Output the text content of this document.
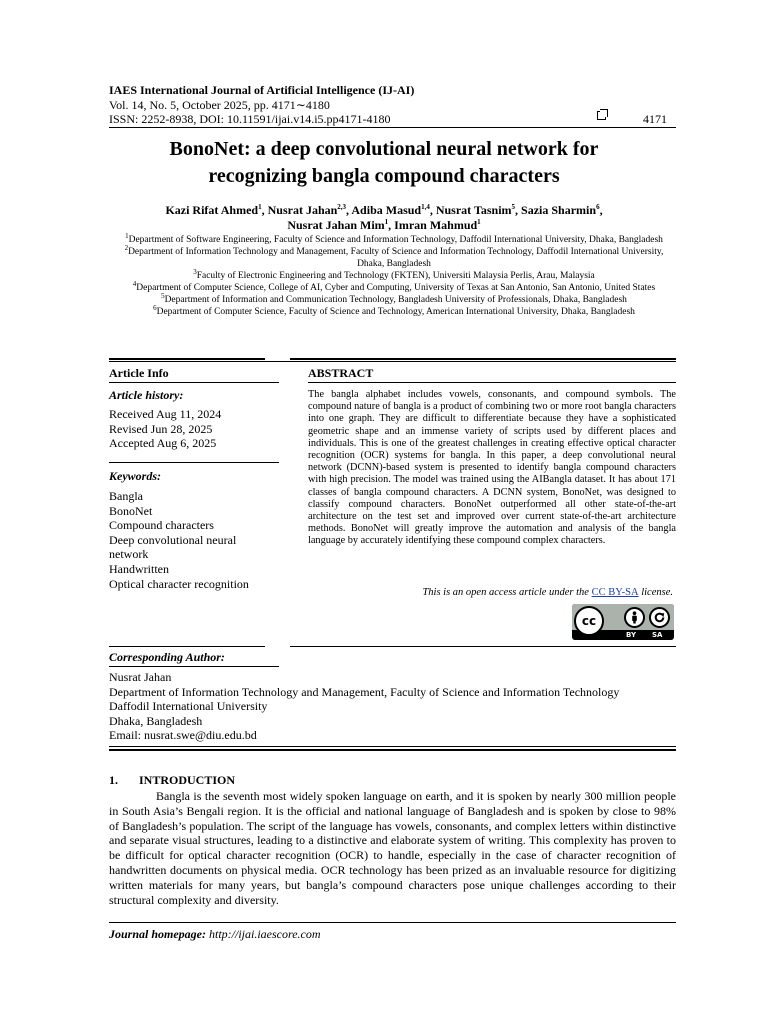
IAES International Journal of Artificial Intelligence (IJ-AI)
Vol. 14, No. 5, October 2025, pp. 4171∼4180
ISSN: 2252-8938, DOI: 10.11591/ijai.v14.i5.pp4171-4180	4171
BonoNet: a deep convolutional neural network for
recognizing bangla compound characters
Kazi Rifat Ahmed$^1$, Nusrat Jahan$^{2,3}$, Adiba Masud$^{1,4}$, Nusrat Tasnim$^5$, Sazia Sharmin$^6$,
Nusrat Jahan Mim$^1$, Imran Mahmud$^1$
$^1$Department of Software Engineering, Faculty of Science and Information Technology, Daffodil International University, Dhaka, Bangladesh
$^2$Department of Information Technology and Management, Faculty of Science and Information Technology, Daffodil International University, Dhaka, Bangladesh
$^3$Faculty of Electronic Engineering and Technology (FKTEN), Universiti Malaysia Perlis, Arau, Malaysia
$^4$Department of Computer Science, College of AI, Cyber and Computing, University of Texas at San Antonio, San Antonio, United States
$^5$Department of Information and Communication Technology, Bangladesh University of Professionals, Dhaka, Bangladesh
$^6$Department of Computer Science, Faculty of Science and Technology, American International University, Dhaka, Bangladesh
Article Info	ABSTRACT
Article history:
Received Aug 11, 2024
Revised Jun 28, 2025
Accepted Aug 6, 2025
Keywords:
Bangla
BonoNet
Compound characters
Deep convolutional neural
network
Handwritten
Optical character recognition
The bangla alphabet includes vowels, consonants, and compound symbols. The compound nature of bangla is a product of combining two or more root bangla characters into one graph. They are difficult to differentiate because they have a sophisticated geometric shape and an immense variety of scripts used by different places and individuals. This is one of the greatest challenges in creating effective optical character recognition (OCR) systems for bangla. In this paper, a deep convolutional neural network (DCNN)-based system is presented to identify bangla compound characters with high precision. The model was trained using the AIBangla dataset. It has about 171 classes of bangla compound characters. A DCNN system, BonoNet, was designed to classify compound characters. BonoNet outperformed all other state-of-the-art architecture on the test set and improved over current state-of-the-art architecture methods. BonoNet will greatly improve the automation and analysis of the bangla language by accurately identifying these compound complex characters.
This is an open access article under the CC BY-SA license.
cc
BY SA
Corresponding Author:
Nusrat Jahan
Department of Information Technology and Management, Faculty of Science and Information Technology
Daffodil International University
Dhaka, Bangladesh
Email: nusrat.swe@diu.edu.bd
1. INTRODUCTION
Bangla is the seventh most widely spoken language on earth, and it is spoken by nearly 300 million people in South Asia’s Bengali region. It is the official and national language of Bangladesh and is spoken by close to 98% of Bangladesh’s population. The script of the language has vowels, consonants, and complex letters within distinctive and separate visual structures, leading to a distinctive and elaborate system of writing. This complexity has proven to be difficult for optical character recognition (OCR) to handle, especially in the case of character recognition of handwritten documents on physical media. OCR technology has been prized as an invaluable resource for digitizing written materials for many years, but bangla’s compound characters pose unique challenges according to their structural complexity and diversity.
Journal homepage: http://ijai.iaescore.com
